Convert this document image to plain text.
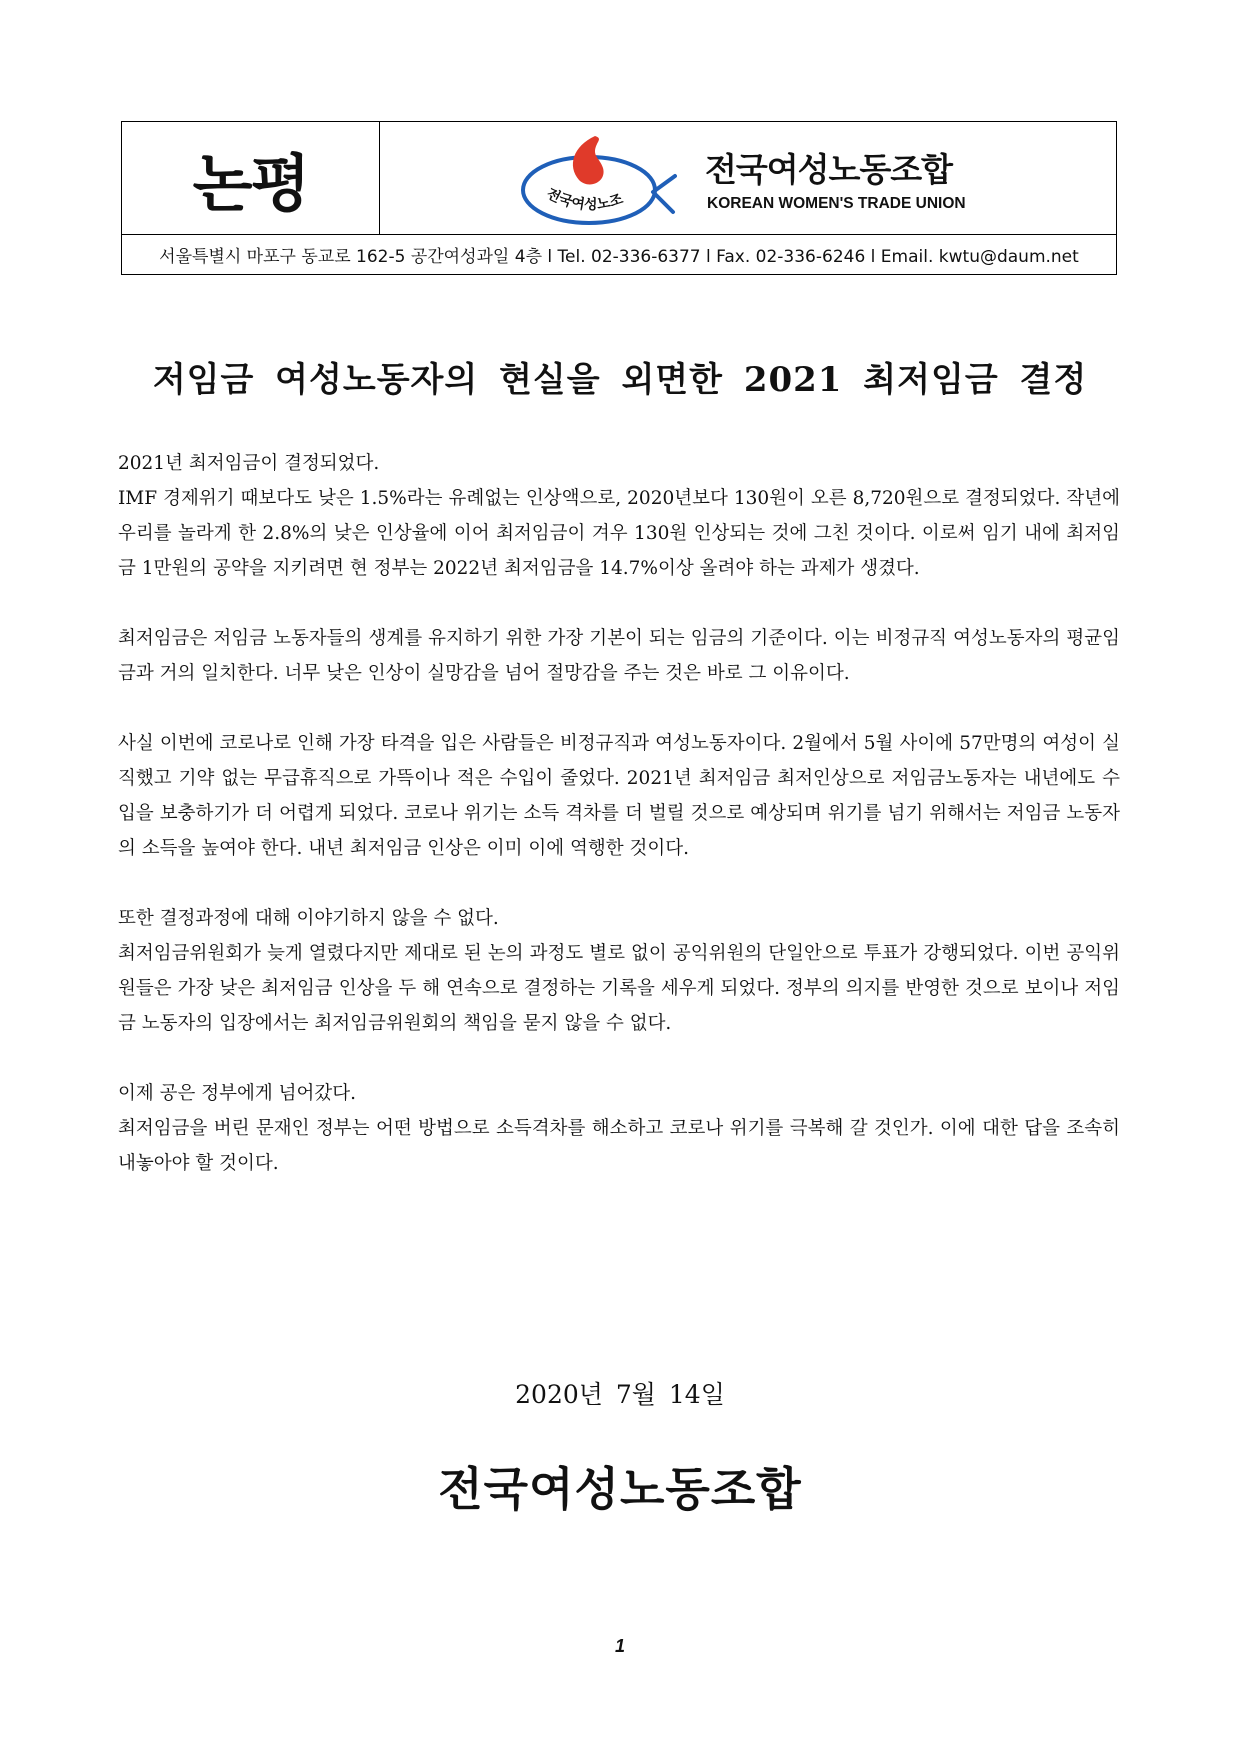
논평	전국여성노조
전국여성노동조합
KOREAN WOMEN'S TRADE UNION
서울특별시 마포구 동교로 162-5 공간여성과일 4층 l Tel. 02-336-6377 l Fax. 02-336-6246 l Email. kwtu@daum.net
저임금 여성노동자의 현실을 외면한 2021 최저임금 결정

2021년 최저임금이 결정되었다.
IMF 경제위기 때보다도 낮은 1.5%라는 유례없는 인상액으로, 2020년보다 130원이 오른 8,720원으로 결정되었다. 작년에 우리를 놀라게 한 2.8%의 낮은 인상율에 이어 최저임금이 겨우 130원 인상되는 것에 그친 것이다. 이로써 임기 내에 최저임금 1만원의 공약을 지키려면 현 정부는 2022년 최저임금을 14.7%이상 올려야 하는 과제가 생겼다.

최저임금은 저임금 노동자들의 생계를 유지하기 위한 가장 기본이 되는 임금의 기준이다. 이는 비정규직 여성노동자의 평균임금과 거의 일치한다. 너무 낮은 인상이 실망감을 넘어 절망감을 주는 것은 바로 그 이유이다.

사실 이번에 코로나로 인해 가장 타격을 입은 사람들은 비정규직과 여성노동자이다. 2월에서 5월 사이에 57만명의 여성이 실직했고 기약 없는 무급휴직으로 가뜩이나 적은 수입이 줄었다. 2021년 최저임금 최저인상으로 저임금노동자는 내년에도 수입을 보충하기가 더 어렵게 되었다. 코로나 위기는 소득 격차를 더 벌릴 것으로 예상되며 위기를 넘기 위해서는 저임금 노동자의 소득을 높여야 한다. 내년 최저임금 인상은 이미 이에 역행한 것이다.

또한 결정과정에 대해 이야기하지 않을 수 없다.
최저임금위원회가 늦게 열렸다지만 제대로 된 논의 과정도 별로 없이 공익위원의 단일안으로 투표가 강행되었다. 이번 공익위원들은 가장 낮은 최저임금 인상을 두 해 연속으로 결정하는 기록을 세우게 되었다. 정부의 의지를 반영한 것으로 보이나 저임금 노동자의 입장에서는 최저임금위원회의 책임을 묻지 않을 수 없다.

이제 공은 정부에게 넘어갔다.
최저임금을 버린 문재인 정부는 어떤 방법으로 소득격차를 해소하고 코로나 위기를 극복해 갈 것인가. 이에 대한 답을 조속히 내놓아야 할 것이다.

2020년 7월 14일
전국여성노동조합
1
